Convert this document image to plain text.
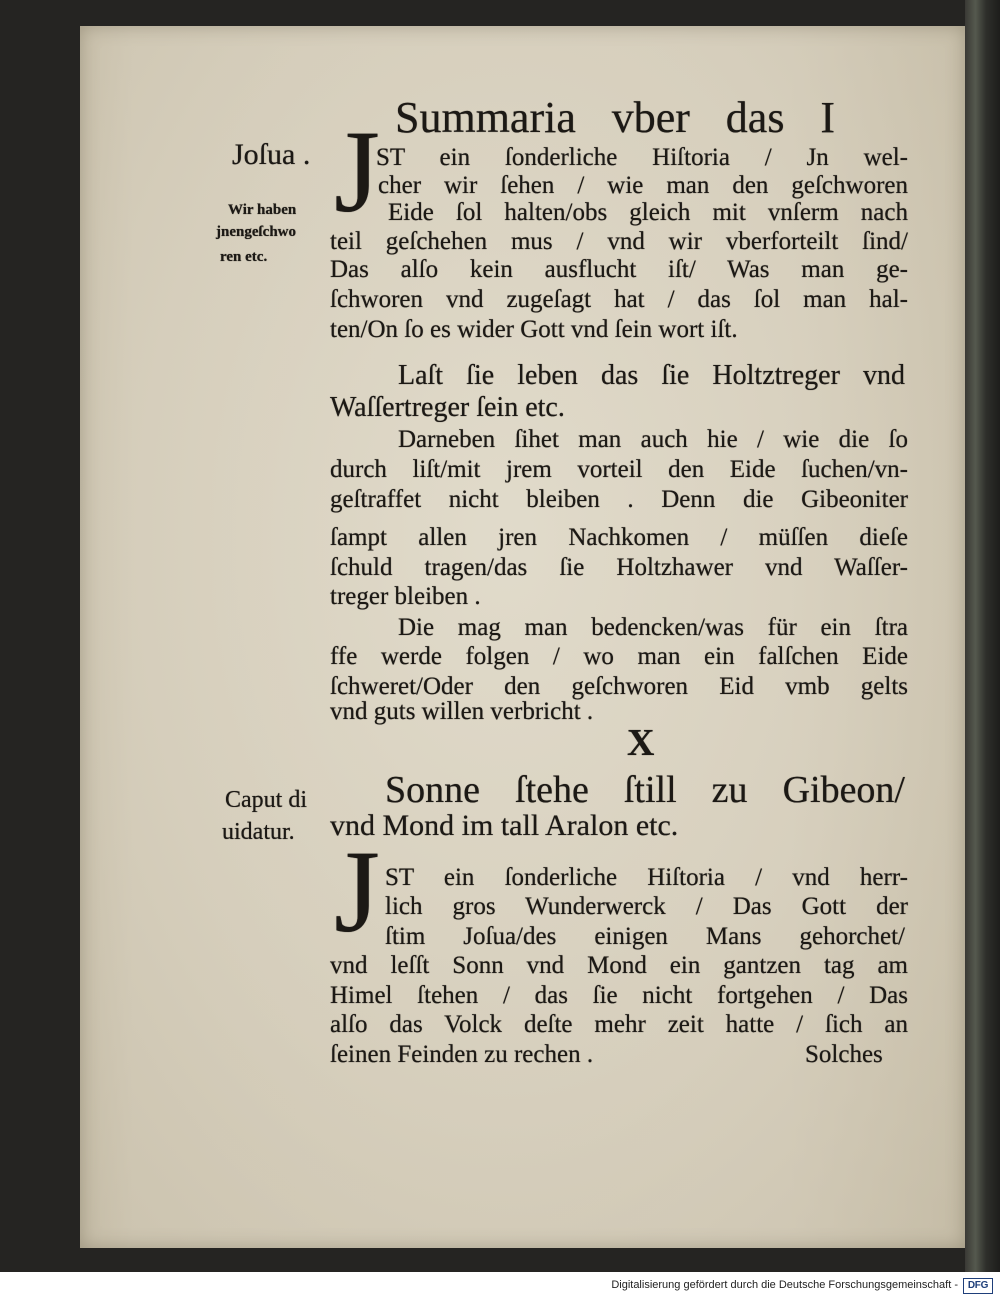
Summaria vber das I
Joſua .
Wir haben
jnengeſchwo
ren etc.
J
ST ein ſonderliche Hiſtoria / Jn wel-
cher wir ſehen / wie man den geſchworen
Eide ſol halten/obs gleich mit vnſerm nach
teil geſchehen mus / vnd wir vberforteilt ſind/
Das alſo kein ausflucht iſt/ Was man ge-
ſchworen vnd zugeſagt hat / das ſol man hal-
ten/On ſo es wider Gott vnd ſein wort iſt.
Laſt ſie leben das ſie Holtztreger vnd
Waſſertreger ſein etc.
Darneben ſihet man auch hie / wie die ſo
durch liſt/mit jrem vorteil den Eide ſuchen/vn-
geſtraffet nicht bleiben . Denn die Gibeoniter
ſampt allen jren Nachkomen / müſſen dieſe
ſchuld tragen/das ſie Holtzhawer vnd Waſſer-
treger bleiben .
Die mag man bedencken/was für ein ſtra
ffe werde folgen / wo man ein falſchen Eide
ſchweret/Oder den geſchworen Eid vmb gelts
vnd guts willen verbricht .
X
Sonne ſtehe ſtill zu Gibeon/
vnd Mond im tall Aralon etc.
Caput di
uidatur. J ST ein ſonderliche Hiſtoria / vnd herr-
lich gros Wunderwerck / Das Gott der
ſtim Joſua/des einigen Mans gehorchet/
vnd leſſt Sonn vnd Mond ein gantzen tag am
Himel ſtehen / das ſie nicht fortgehen / Das
alſo das Volck deſte mehr zeit hatte / ſich an
ſeinen Feinden zu rechen .	Solches
Digitalisierung gefördert durch die Deutsche Forschungsgemeinschaft - DFG
